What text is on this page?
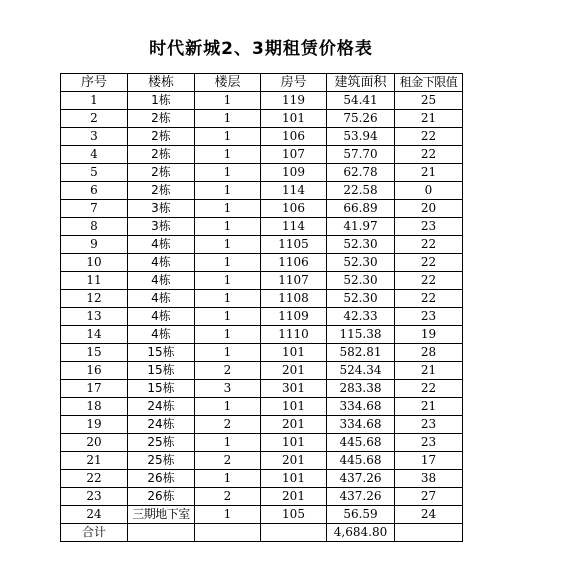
时代新城2、3期租赁价格表
序号	楼栋	楼层	房号	建筑面积	租金下限值
1	1栋	1	119	54.41	25
2	2栋	1	101	75.26	21
3	2栋	1	106	53.94	22
4	2栋	1	107	57.70	22
5	2栋	1	109	62.78	21
6	2栋	1	114	22.58	0
7	3栋	1	106	66.89	20
8	3栋	1	114	41.97	23
9	4栋	1	1105	52.30	22
10	4栋	1	1106	52.30	22
11	4栋	1	1107	52.30	22
12	4栋	1	1108	52.30	22
13	4栋	1	1109	42.33	23
14	4栋	1	1110	115.38	19
15	15栋	1	101	582.81	28
16	15栋	2	201	524.34	21
17	15栋	3	301	283.38	22
18	24栋	1	101	334.68	21
19	24栋	2	201	334.68	23
20	25栋	1	101	445.68	23
21	25栋	2	201	445.68	17
22	26栋	1	101	437.26	38
23	26栋	2	201	437.26	27
24	三期地下室	1	105	56.59	24
合计				4,684.80	
